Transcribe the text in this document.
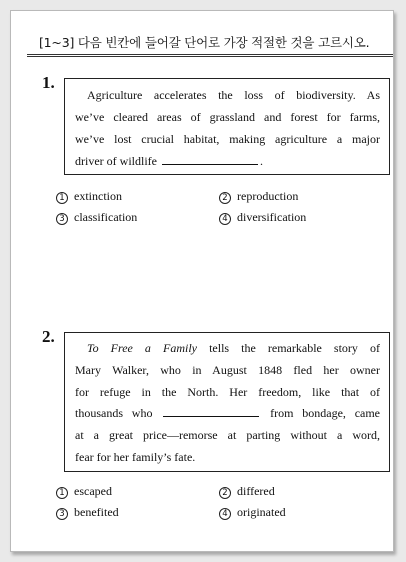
[1~3] 다음 빈칸에 들어갈 단어로 가장 적절한 것을 고르시오.
1.
Agriculture accelerates the loss of biodiversity. As
we’ve cleared areas of grassland and forest for farms,
we’ve lost crucial habitat, making agriculture a major
driver of wildlife	.
1 extinction	2 reproduction
3 classification	4 diversification
2.
To Free a Family tells the remarkable story of
Mary Walker, who in August 1848 fled her owner
for refuge in the North. Her freedom, like that of
thousands who	from bondage, came
at a great price—remorse at parting without a word,
fear for her family’s fate.
1 escaped	2 differed
3 benefited	4 originated
